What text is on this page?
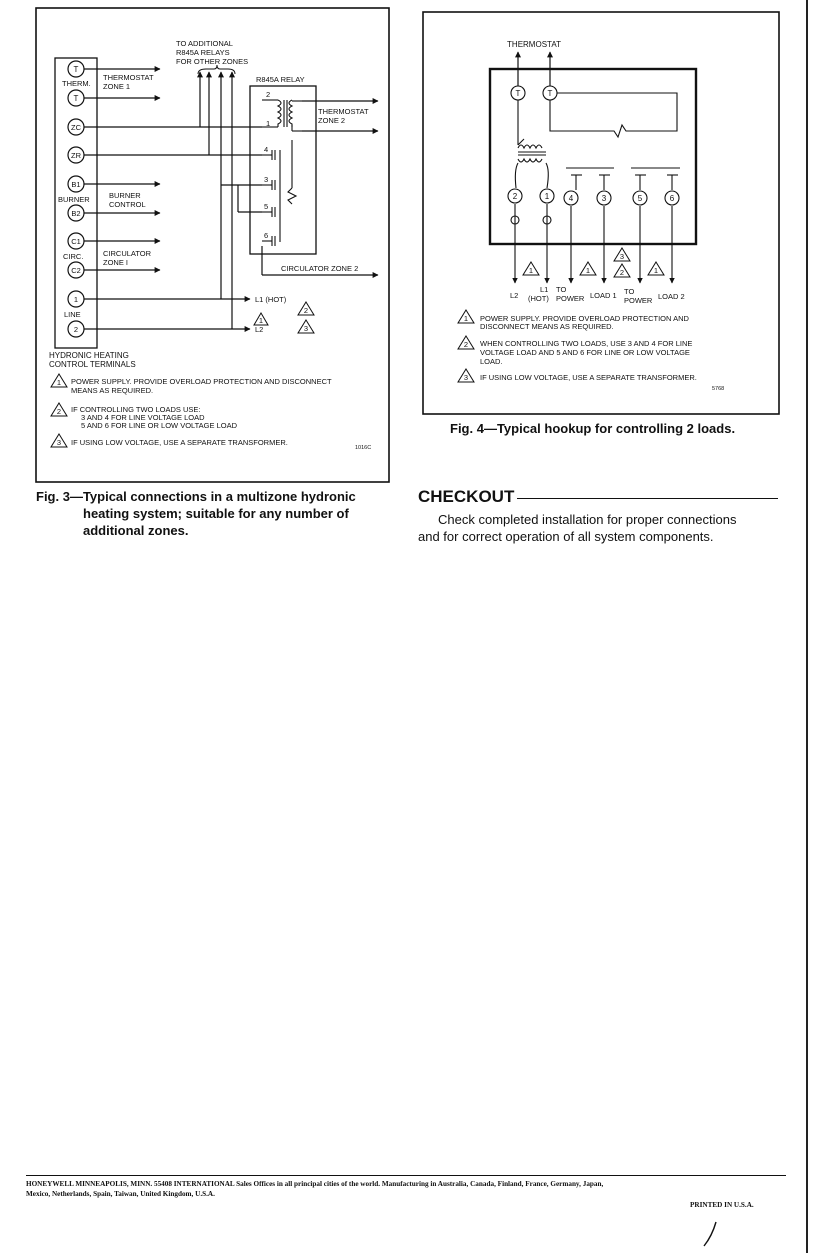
T
THERM.
T
ZC
ZR
B1
BURNER
B2
C1
CIRC.
C2
1
LINE
2
TO ADDITIONAL
R845A RELAYS
FOR OTHER ZONES
R845A RELAY
2
1
4
3
5
6
THERMOSTAT
ZONE 1
THERMOSTAT
ZONE 2
BURNER
CONTROL
CIRCULATOR
ZONE I
CIRCULATOR ZONE 2
L1 (HOT)
L2
1
2
3
HYDRONIC HEATING
CONTROL TERMINALS
1 POWER SUPPLY. PROVIDE OVERLOAD PROTECTION AND DISCONNECT
MEANS AS REQUIRED.
2 IF CONTROLLING TWO LOADS USE:
3 AND 4 FOR LINE VOLTAGE LOAD
5 AND 6 FOR LINE OR LOW VOLTAGE LOAD
3 IF USING LOW VOLTAGE, USE A SEPARATE TRANSFORMER.
1016C
THERMOSTAT
T	T
2	1 4	3	5	6
1	1
3
2	1
L2
L1
(HOT)
TO
POWER LOAD 1 TO
POWER LOAD 2
1 POWER SUPPLY. PROVIDE OVERLOAD PROTECTION AND
DISCONNECT MEANS AS REQUIRED.
2 WHEN CONTROLLING TWO LOADS, USE 3 AND 4 FOR LINE
VOLTAGE LOAD AND 5 AND 6 FOR LINE OR LOW VOLTAGE
LOAD.
3 IF USING LOW VOLTAGE, USE A SEPARATE TRANSFORMER.
5768
Fig. 3—Typical connections in a multizone hydronic
heating system; suitable for any number of
additional zones.
Fig. 4—Typical hookup for controlling 2 loads.
CHECKOUT
Check completed installation for proper connections
and for correct operation of all system components.
HONEYWELL MINNEAPOLIS, MINN. 55408 INTERNATIONAL Sales Offices in all principal cities of the world. Manufacturing in Australia, Canada, Finland, France, Germany, Japan,
Mexico, Netherlands, Spain, Taiwan, United Kingdom, U.S.A.
PRINTED IN U.S.A.
